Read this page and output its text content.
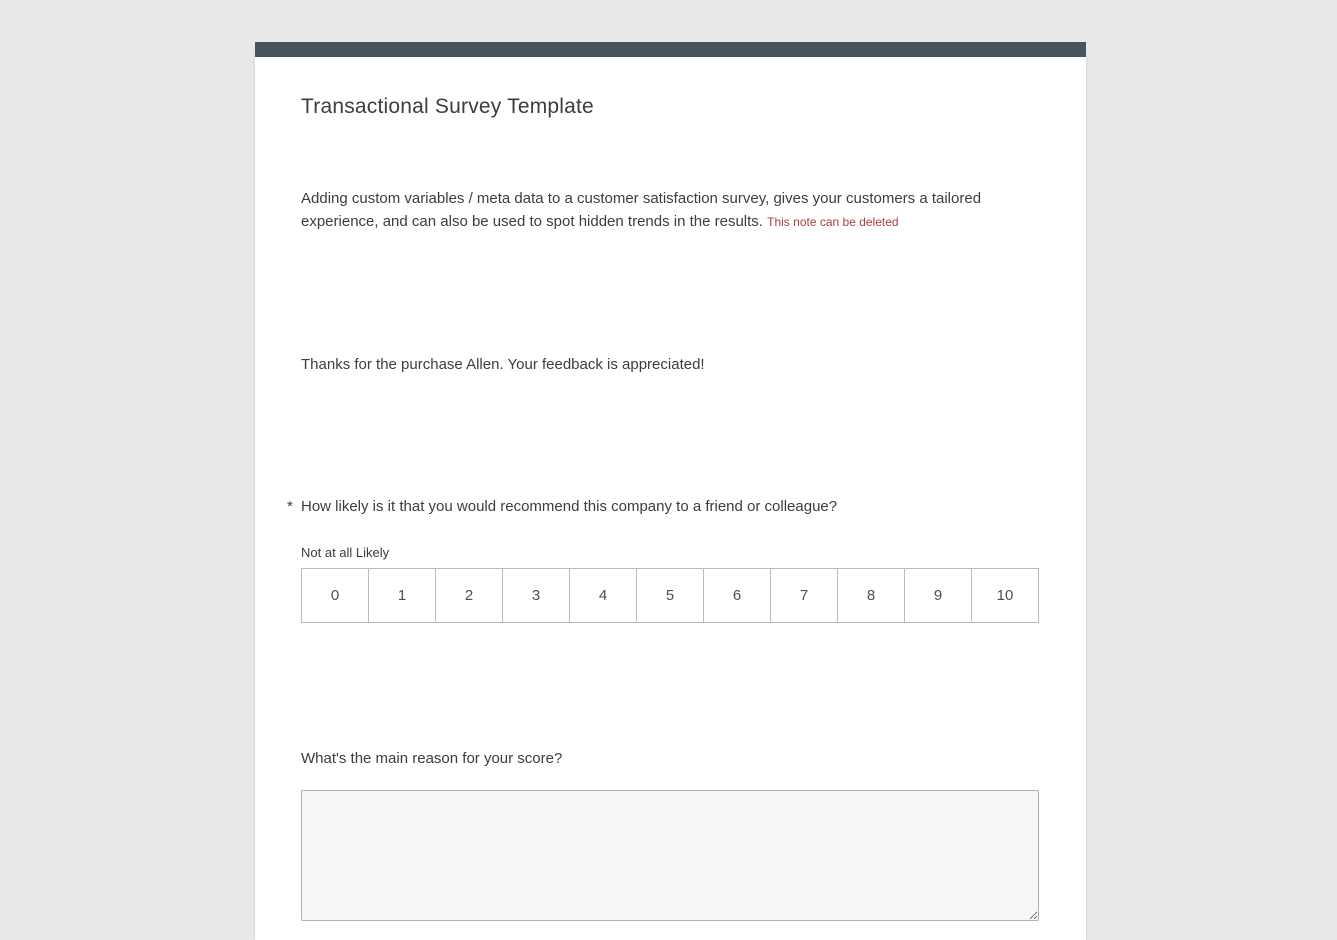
Transactional Survey Template

Adding custom variables / meta data to a customer satisfaction survey, gives your customers a tailored experience, and can also be used to spot hidden trends in the results. This note can be deleted

Thanks for the purchase Allen. Your feedback is appreciated!

* How likely is it that you would recommend this company to a friend or colleague?
Not at all Likely
0	1	2	3	4	5	6	7	8	9	10
What's the main reason for your score?
